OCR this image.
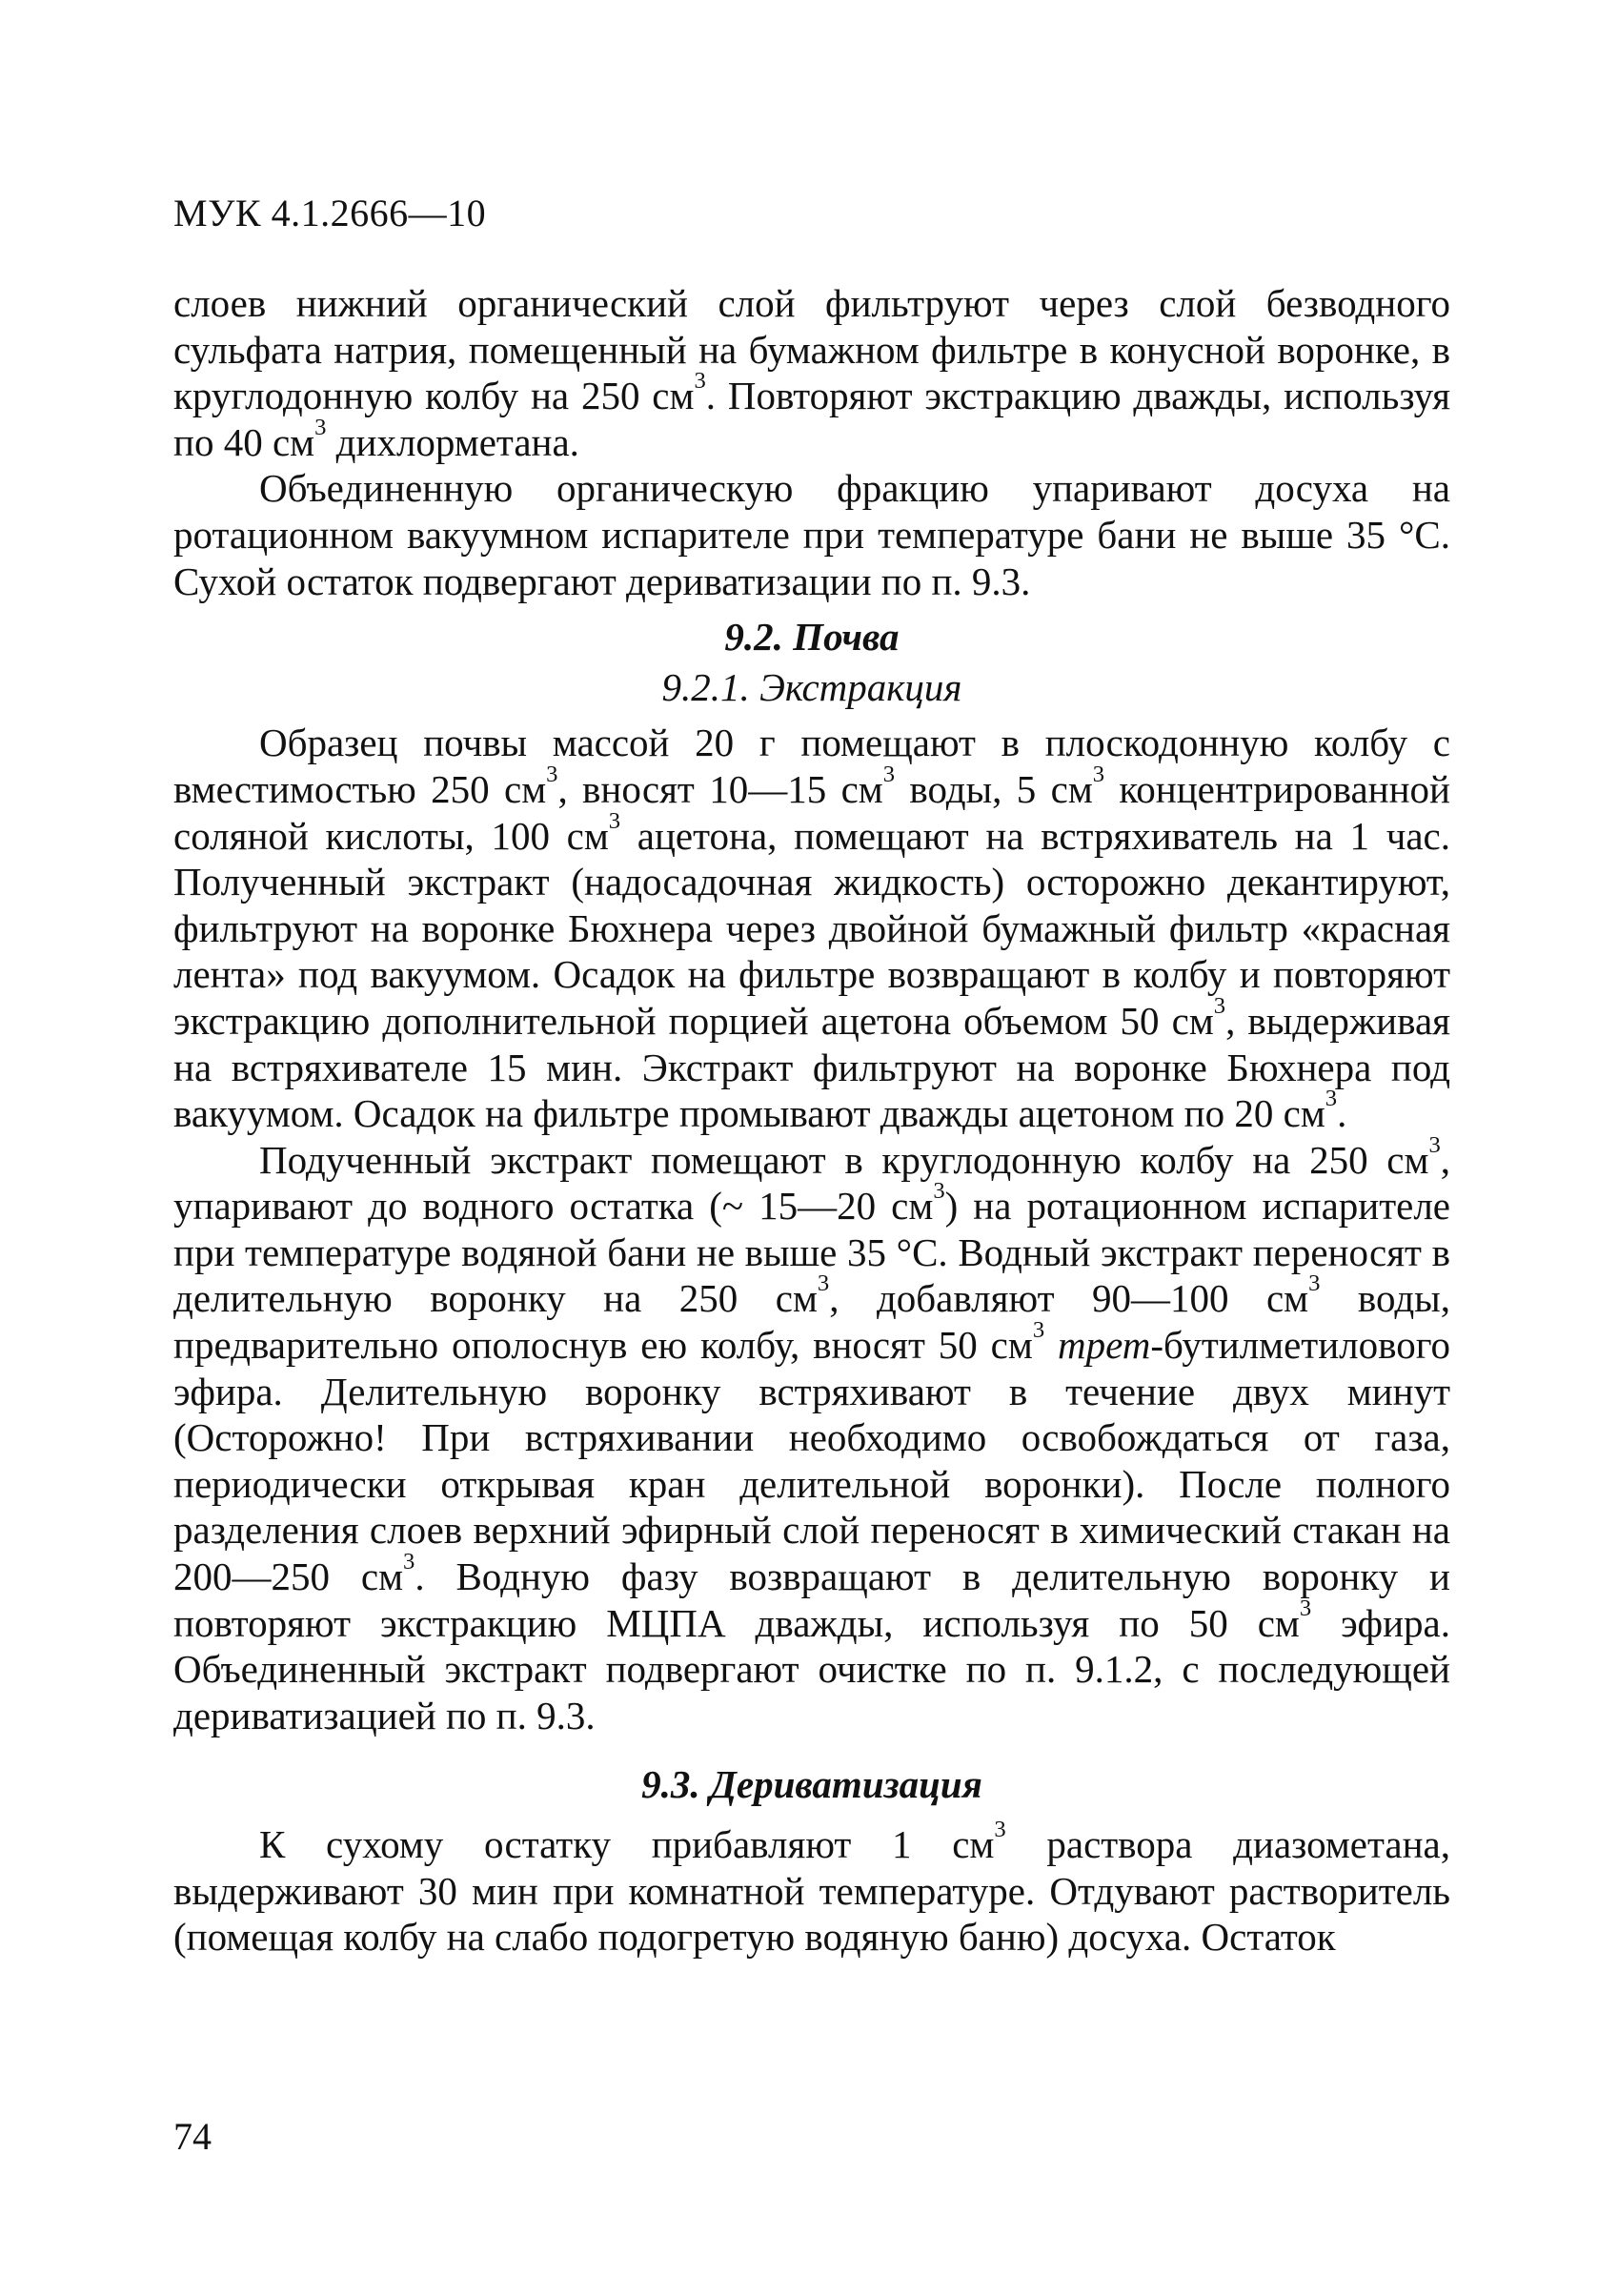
МУК 4.1.2666—10

слоев нижний органический слой фильтруют через слой безводного сульфата натрия, помещенный на бумажном фильтре в конусной воронке, в круглодонную колбу на 250 $см^3$. Повторяют экстракцию дважды, используя по 40 $см^3$ дихлорметана.

Объединенную органическую фракцию упаривают досуха на ротационном вакуумном испарителе при температуре бани не выше 35 °С. Сухой остаток подвергают дериватизации по п. 9.3.

9.2. Почва
9.2.1. Экстракция

Образец почвы массой 20 г помещают в плоскодонную колбу с вместимостью 250 $см^3$, вносят 10—15 $см^3$ воды, 5 $см^3$ концентрированной соляной кислоты, 100 $см^3$ ацетона, помещают на встряхиватель на 1 час. Полученный экстракт (надосадочная жидкость) осторожно декантируют, фильтруют на воронке Бюхнера через двойной бумажный фильтр «красная лента» под вакуумом. Осадок на фильтре возвращают в колбу и повторяют экстракцию дополнительной порцией ацетона объемом 50 $см^3$, выдерживая на встряхивателе 15 мин. Экстракт фильтруют на воронке Бюхнера под вакуумом. Осадок на фильтре промывают дважды ацетоном по 20 $см^3$.

Подученный экстракт помещают в круглодонную колбу на 250 $см^3$, упаривают до водного остатка (~ 15—20 $см^3$) на ротационном испарителе при температуре водяной бани не выше 35 °С. Водный экстракт переносят в делительную воронку на 250 $см^3$, добавляют 90—100 $см^3$ воды, предварительно ополоснув ею колбу, вносят 50 $см^3$ трет-бутилметилового эфира. Делительную воронку встряхивают в течение двух минут (Осторожно! При встряхивании необходимо освобождаться от газа, периодически открывая кран делительной воронки). После полного разделения слоев верхний эфирный слой переносят в химический стакан на 200—250 $см^3$. Водную фазу возвращают в делительную воронку и повторяют экстракцию МЦПА дважды, используя по 50 $см^3$ эфира. Объединенный экстракт подвергают очистке по п. 9.1.2, с последующей дериватизацией по п. 9.3.

9.3. Дериватизация

К сухому остатку прибавляют 1 $см^3$ раствора диазометана, выдерживают 30 мин при комнатной температуре. Отдувают растворитель (помещая колбу на слабо подогретую водяную баню) досуха. Остаток

74
